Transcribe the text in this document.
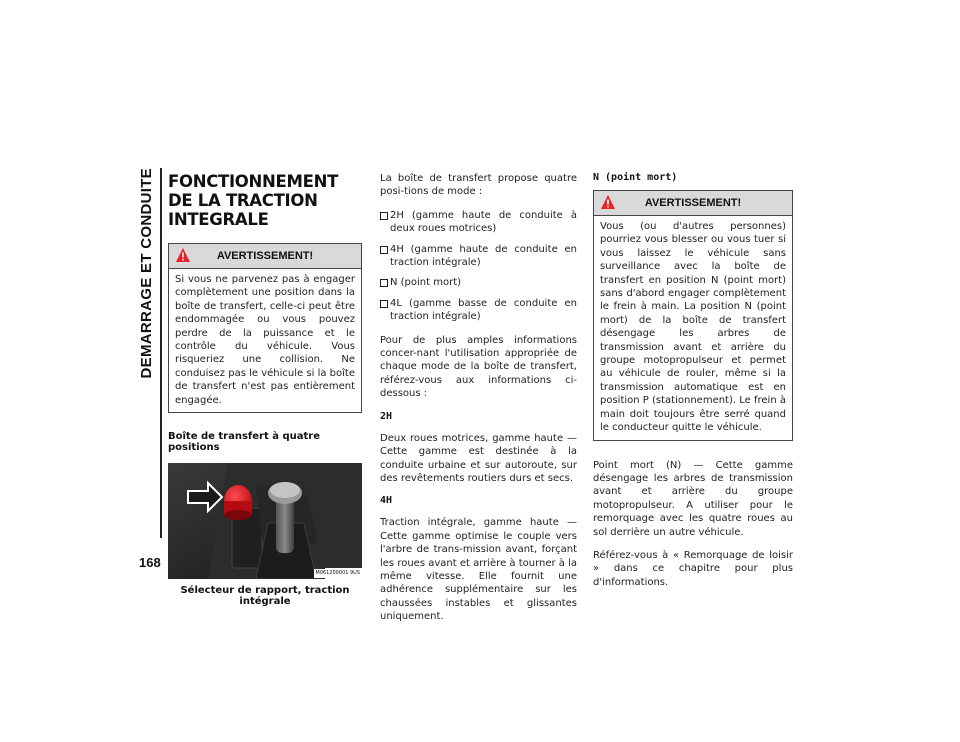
DEMARRAGE ET CONDUITE
168
FONCTIONNEMENT DE LA TRACTION INTEGRALE
AVERTISSEMENT!
Si vous ne parvenez pas à engager complètement une position dans la boîte de transfert, celle-ci peut être endommagée ou vous pouvez perdre de la puissance et le contrôle du véhicule. Vous risqueriez une collision. Ne conduisez pas le véhicule si la boîte de transfert n'est pas entièrement engagée.
Boîte de transfert à quatre positions
M061200001 9US
Sélecteur de rapport, traction intégrale

La boîte de transfert propose quatre posi-tions de mode :

2H (gamme haute de conduite à deux roues motrices)
4H (gamme haute de conduite en traction intégrale)
N (point mort)
4L (gamme basse de conduite en traction intégrale)

Pour de plus amples informations concer-nant l'utilisation appropriée de chaque mode de la boîte de transfert, référez-vous aux informations ci-dessous :

2H

Deux roues motrices, gamme haute — Cette gamme est destinée à la conduite urbaine et sur autoroute, sur des revêtements routiers durs et secs.

4H

Traction intégrale, gamme haute — Cette gamme optimise le couple vers l'arbre de trans-mission avant, forçant les roues avant et arrière à tourner à la même vitesse. Elle fournit une adhérence supplémentaire sur les chaussées instables et glissantes uniquement.

N (point mort)
AVERTISSEMENT!
Vous (ou d'autres personnes) pourriez vous blesser ou vous tuer si vous laissez le véhicule sans surveillance avec la boîte de transfert en position N (point mort) sans d'abord engager complètement le frein à main. La position N (point mort) de la boîte de transfert désengage les arbres de transmission avant et arrière du groupe motopropulseur et permet au véhicule de rouler, même si la transmission automatique est en position P (stationnement). Le frein à main doit toujours être serré quand le conducteur quitte le véhicule.

Point mort (N) — Cette gamme désengage les arbres de transmission avant et arrière du groupe motopropulseur. A utiliser pour le remorquage avec les quatre roues au sol derrière un autre véhicule.

Référez-vous à « Remorquage de loisir » dans ce chapitre pour plus d'informations.
